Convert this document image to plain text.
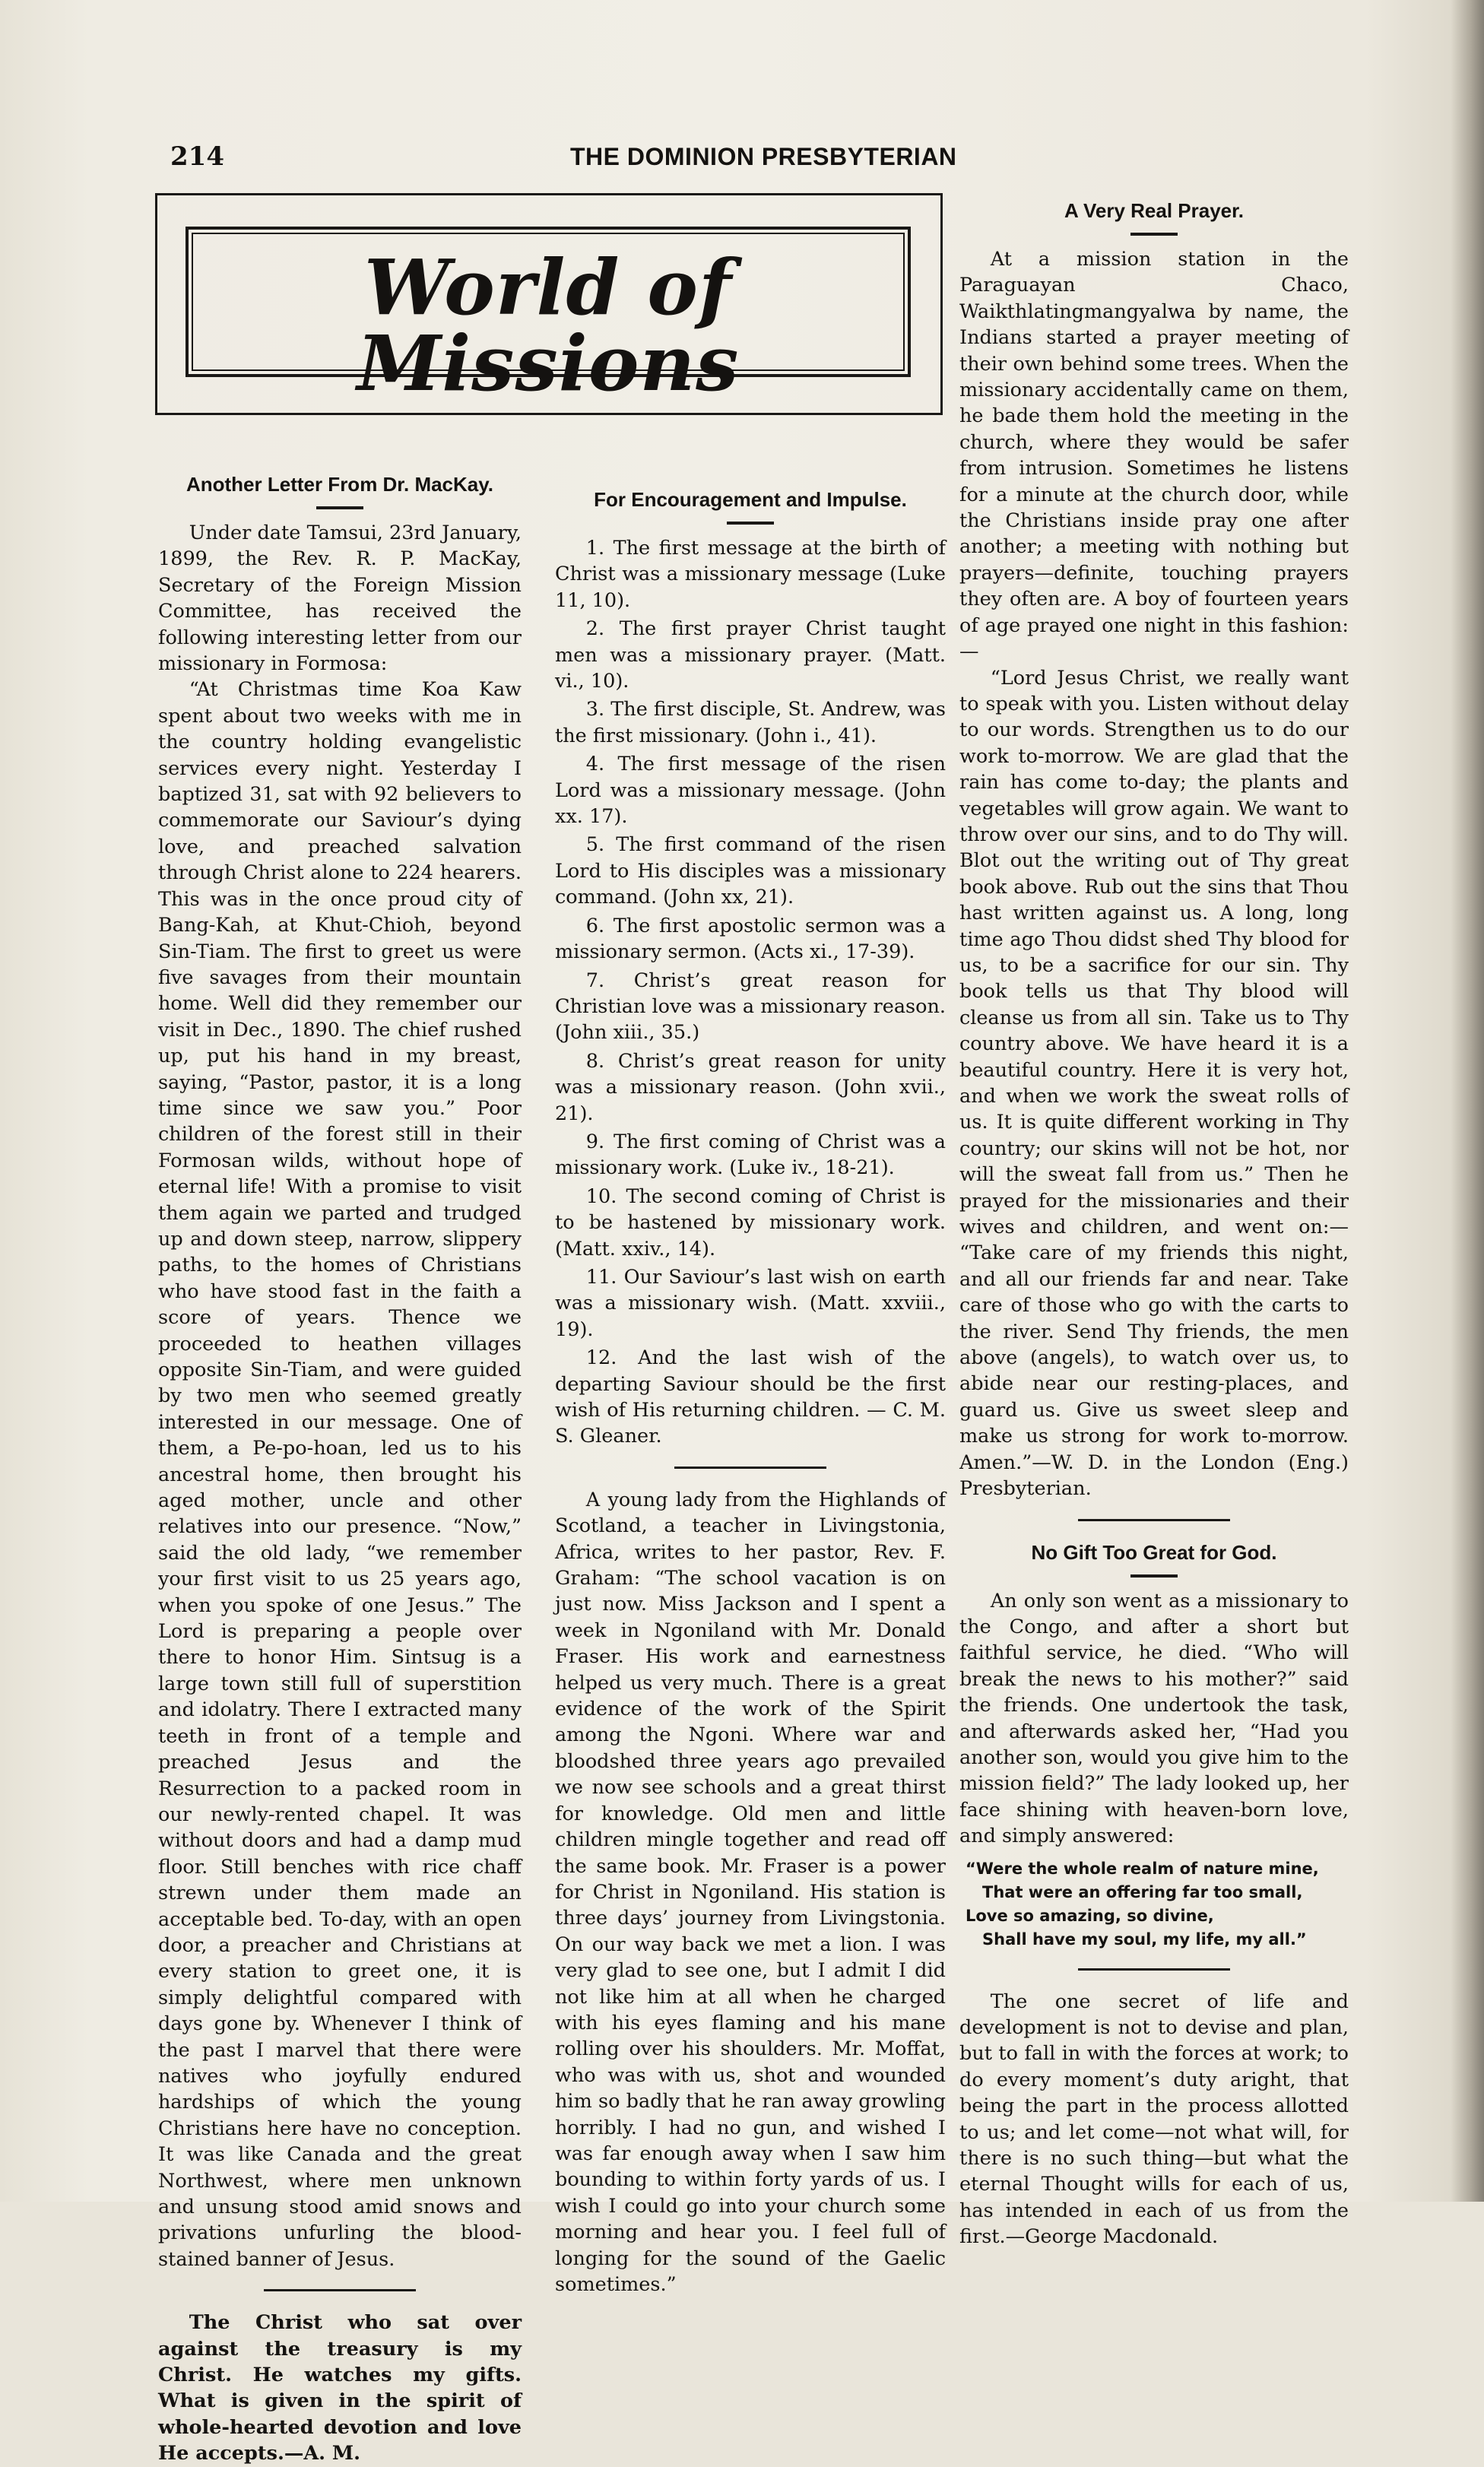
214	THE DOMINION PRESBYTERIAN
World of Missions
Another Letter From Dr. MacKay.

Under date Tamsui, 23rd January, 1899, the Rev. R. P. MacKay, Secretary of the Foreign Mission Committee, has received the following interesting letter from our missionary in Formosa:

“At Christmas time Koa Kaw spent about two weeks with me in the country holding evangelistic services every night. Yesterday I baptized 31, sat with 92 believers to commemorate our Saviour’s dying love, and preached salvation through Christ alone to 224 hearers. This was in the once proud city of Bang-Kah, at Khut-Chioh, beyond Sin-Tiam. The first to greet us were five savages from their mountain home. Well did they remember our visit in Dec., 1890. The chief rushed up, put his hand in my breast, saying, “Pastor, pastor, it is a long time since we saw you.” Poor children of the forest still in their Formosan wilds, without hope of eternal life! With a promise to visit them again we parted and trudged up and down steep, narrow, slippery paths, to the homes of Christians who have stood fast in the faith a score of years. Thence we proceeded to heathen villages opposite Sin-Tiam, and were guided by two men who seemed greatly interested in our message. One of them, a Pe-po-hoan, led us to his ancestral home, then brought his aged mother, uncle and other relatives into our presence. “Now,” said the old lady, “we remember your first visit to us 25 years ago, when you spoke of one Jesus.” The Lord is preparing a people over there to honor Him. Sintsug is a large town still full of superstition and idolatry. There I extracted many teeth in front of a temple and preached Jesus and the Resurrection to a packed room in our newly-rented chapel. It was without doors and had a damp mud floor. Still benches with rice chaff strewn under them made an acceptable bed. To-day, with an open door, a preacher and Christians at every station to greet one, it is simply delightful compared with days gone by. Whenever I think of the past I marvel that there were natives who joyfully endured hardships of which the young Christians here have no conception. It was like Canada and the great Northwest, where men unknown and unsung stood amid snows and privations unfurling the blood-stained banner of Jesus.

The Christ who sat over against the treasury is my Christ. He watches my gifts. What is given in the spirit of whole-hearted devotion and love He accepts.—A. M.

For Encouragement and Impulse.

1. The first message at the birth of Christ was a missionary message (Luke 11, 10).

2. The first prayer Christ taught men was a missionary prayer. (Matt. vi., 10).

3. The first disciple, St. Andrew, was the first missionary. (John i., 41).

4. The first message of the risen Lord was a missionary message. (John xx. 17).

5. The first command of the risen Lord to His disciples was a missionary command. (John xx, 21).

6. The first apostolic sermon was a missionary sermon. (Acts xi., 17-39).

7. Christ’s great reason for Christian love was a missionary reason. (John xiii., 35.)

8. Christ’s great reason for unity was a missionary reason. (John xvii., 21).

9. The first coming of Christ was a missionary work. (Luke iv., 18-21).

10. The second coming of Christ is to be hastened by missionary work. (Matt. xxiv., 14).

11. Our Saviour’s last wish on earth was a missionary wish. (Matt. xxviii., 19).

12. And the last wish of the departing Saviour should be the first wish of His returning children. — C. M. S. Gleaner.

A young lady from the Highlands of Scotland, a teacher in Livingstonia, Africa, writes to her pastor, Rev. F. Graham: “The school vacation is on just now. Miss Jackson and I spent a week in Ngoniland with Mr. Donald Fraser. His work and earnestness helped us very much. There is a great evidence of the work of the Spirit among the Ngoni. Where war and bloodshed three years ago prevailed we now see schools and a great thirst for knowledge. Old men and little children mingle together and read off the same book. Mr. Fraser is a power for Christ in Ngoniland. His station is three days’ journey from Livingstonia. On our way back we met a lion. I was very glad to see one, but I admit I did not like him at all when he charged with his eyes flaming and his mane rolling over his shoulders. Mr. Moffat, who was with us, shot and wounded him so badly that he ran away growling horribly. I had no gun, and wished I was far enough away when I saw him bounding to within forty yards of us. I wish I could go into your church some morning and hear you. I feel full of longing for the sound of the Gaelic sometimes.”

A Very Real Prayer.

At a mission station in the Paraguayan Chaco, Waikthlatingmangyalwa by name, the Indians started a prayer meeting of their own behind some trees. When the missionary accidentally came on them, he bade them hold the meeting in the church, where they would be safer from intrusion. Sometimes he listens for a minute at the church door, while the Christians inside pray one after another; a meeting with nothing but prayers—definite, touching prayers they often are. A boy of fourteen years of age prayed one night in this fashion:—

“Lord Jesus Christ, we really want to speak with you. Listen without delay to our words. Strengthen us to do our work to-morrow. We are glad that the rain has come to-day; the plants and vegetables will grow again. We want to throw over our sins, and to do Thy will. Blot out the writing out of Thy great book above. Rub out the sins that Thou hast written against us. A long, long time ago Thou didst shed Thy blood for us, to be a sacrifice for our sin. Thy book tells us that Thy blood will cleanse us from all sin. Take us to Thy country above. We have heard it is a beautiful country. Here it is very hot, and when we work the sweat rolls of us. It is quite different working in Thy country; our skins will not be hot, nor will the sweat fall from us.” Then he prayed for the missionaries and their wives and children, and went on:— “Take care of my friends this night, and all our friends far and near. Take care of those who go with the carts to the river. Send Thy friends, the men above (angels), to watch over us, to abide near our resting-places, and guard us. Give us sweet sleep and make us strong for work to-morrow. Amen.”—W. D. in the London (Eng.) Presbyterian.

No Gift Too Great for God.

An only son went as a missionary to the Congo, and after a short but faithful service, he died. “Who will break the news to his mother?” said the friends. One undertook the task, and afterwards asked her, “Had you another son, would you give him to the mission field?” The lady looked up, her face shining with heaven-born love, and simply answered:

“Were the whole realm of nature mine,
That were an offering far too small,
Love so amazing, so divine,
Shall have my soul, my life, my all.”

The one secret of life and development is not to devise and plan, but to fall in with the forces at work; to do every moment’s duty aright, that being the part in the process allotted to us; and let come—not what will, for there is no such thing—but what the eternal Thought wills for each of us, has intended in each of us from the first.—George Macdonald.
